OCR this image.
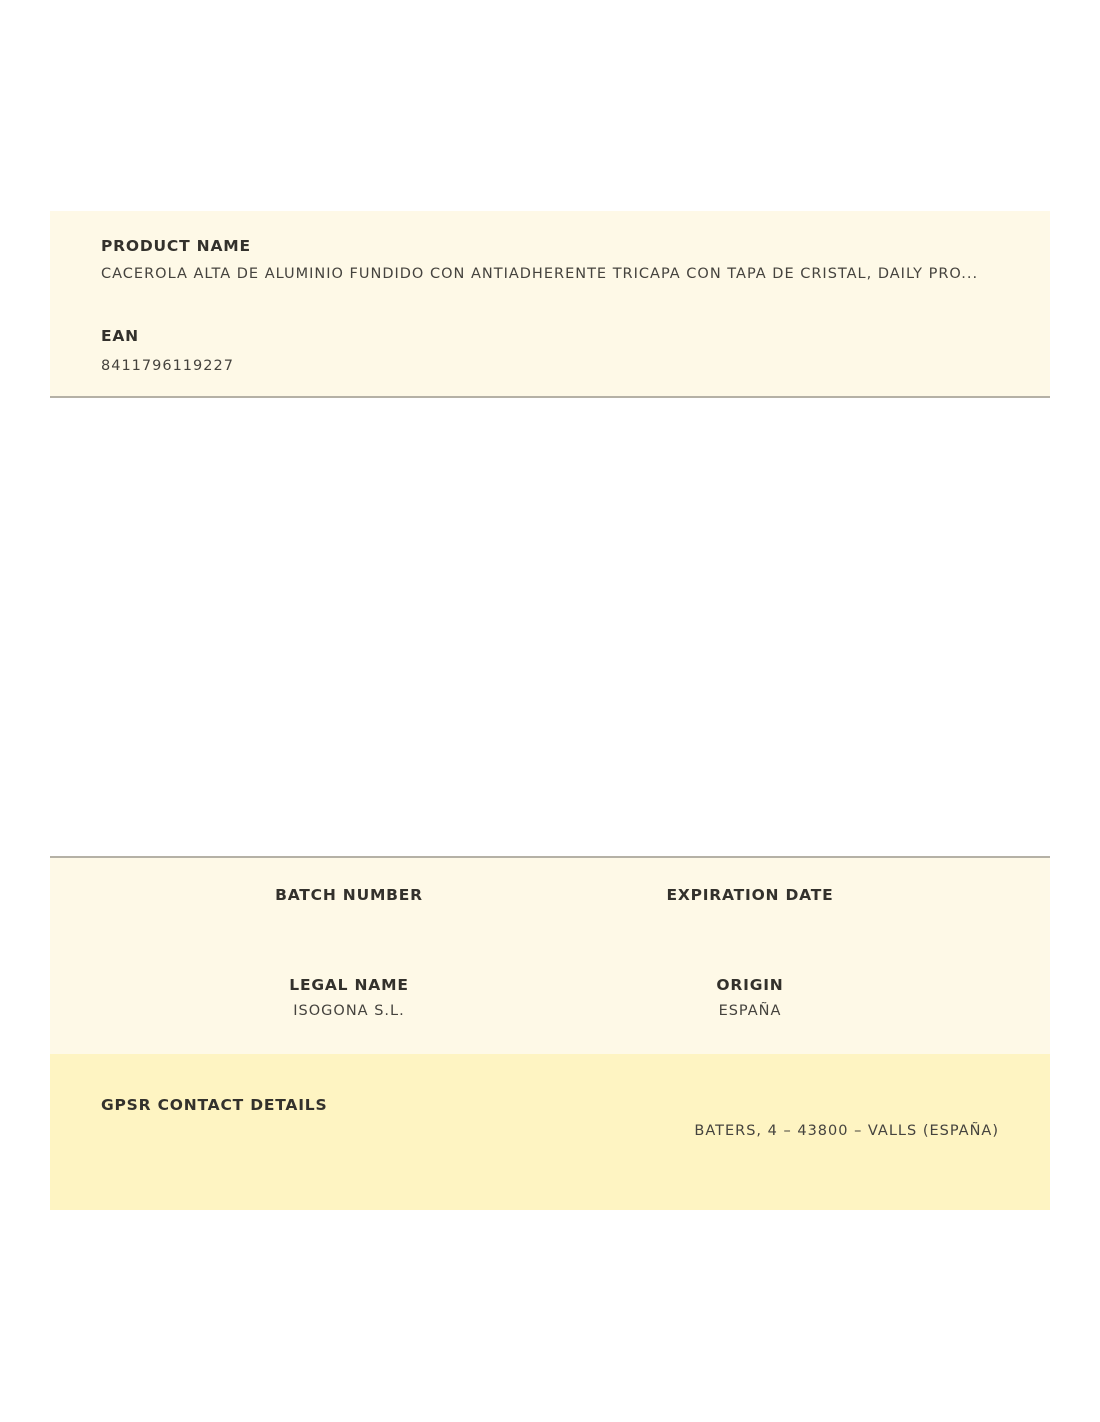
PRODUCT NAME
CACEROLA ALTA DE ALUMINIO FUNDIDO CON ANTIADHERENTE TRICAPA CON TAPA DE CRISTAL, DAILY PRO...
EAN
8411796119227
BATCH NUMBER	EXPIRATION DATE
LEGAL NAME
ISOGONA S.L.
ORIGIN
ESPAÑA
GPSR CONTACT DETAILS
BATERS, 4 – 43800 – VALLS (ESPAÑA)
